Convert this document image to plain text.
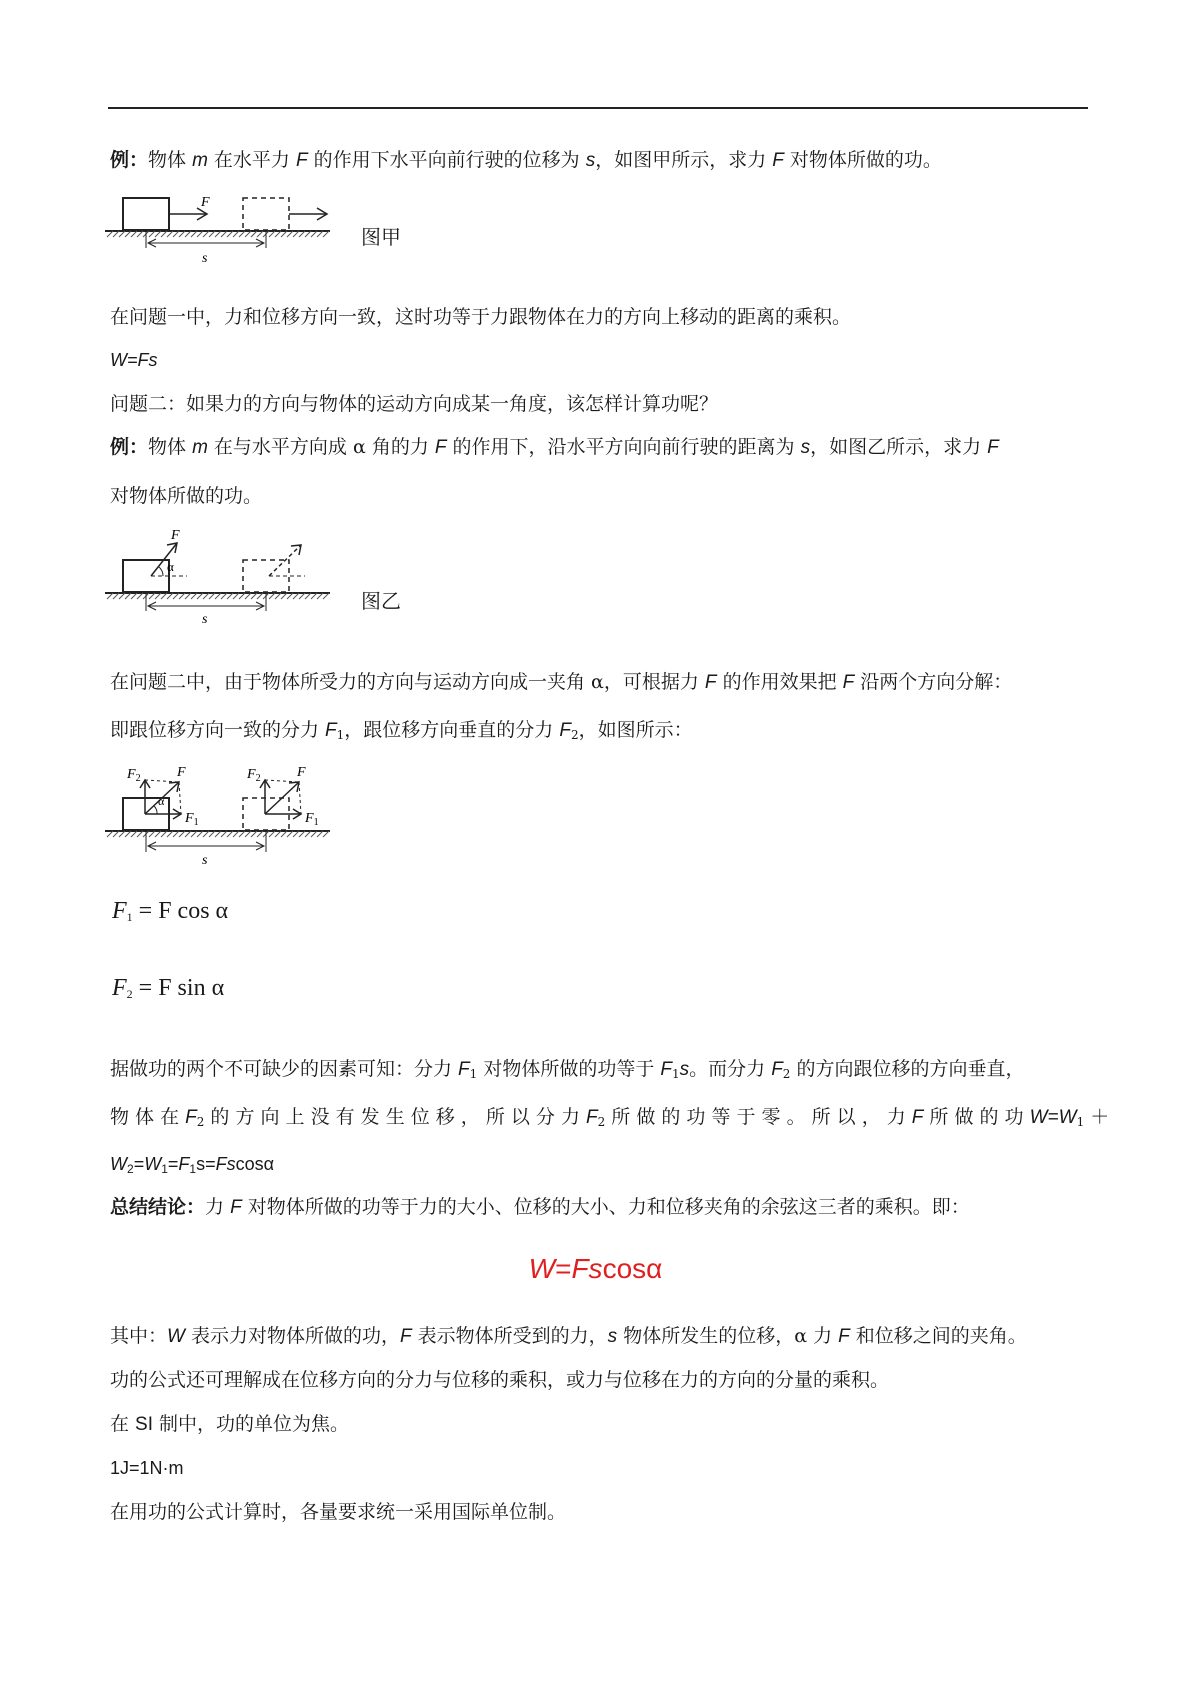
例：物体 m 在水平力 F 的作用下水平向前行驶的位移为 s，如图甲所示，求力 F 对物体所做的功。
F
s
图甲
在问题一中，力和位移方向一致，这时功等于力跟物体在力的方向上移动的距离的乘积。
W=Fs
问题二：如果力的方向与物体的运动方向成某一角度，该怎样计算功呢？
例：物体 m 在与水平方向成 α 角的力 F 的作用下，沿水平方向向前行驶的距离为 s，如图乙所示，求力 F
对物体所做的功。
F
α
s
图乙
在问题二中，由于物体所受力的方向与运动方向成一夹角 α，可根据力 F 的作用效果把 F 沿两个方向分解：
即跟位移方向一致的分力 $F_1$，跟位移方向垂直的分力 $F_2$，如图所示：
$F_2$	F
$F_1$
α
$F_2$	F
$F_1$
s
$F_1 = F$ cos α
$F_2 = F$ sin α
据做功的两个不可缺少的因素可知：分力 $F_1$ 对物体所做的功等于 $F_1s$。而分力 $F_2$ 的方向跟位移的方向垂直，
物 体 在 $F_2$ 的 方 向 上 没 有 发 生 位 移 ， 所 以 分 力 $F_2$ 所 做 的 功 等 于 零 。 所 以 ， 力 F 所 做 的 功 $W=W_1$ ＋
$W_2=W_1=F_1s=Fscos\alpha$
总结结论：力 F 对物体所做的功等于力的大小、位移的大小、力和位移夹角的余弦这三者的乘积。即：
W=Fscosα
其中：W 表示力对物体所做的功，F 表示物体所受到的力，s 物体所发生的位移，α 力 F 和位移之间的夹角。
功的公式还可理解成在位移方向的分力与位移的乘积，或力与位移在力的方向的分量的乘积。
在 SI 制中，功的单位为焦。
1J=1N·m
在用功的公式计算时，各量要求统一采用国际单位制。
